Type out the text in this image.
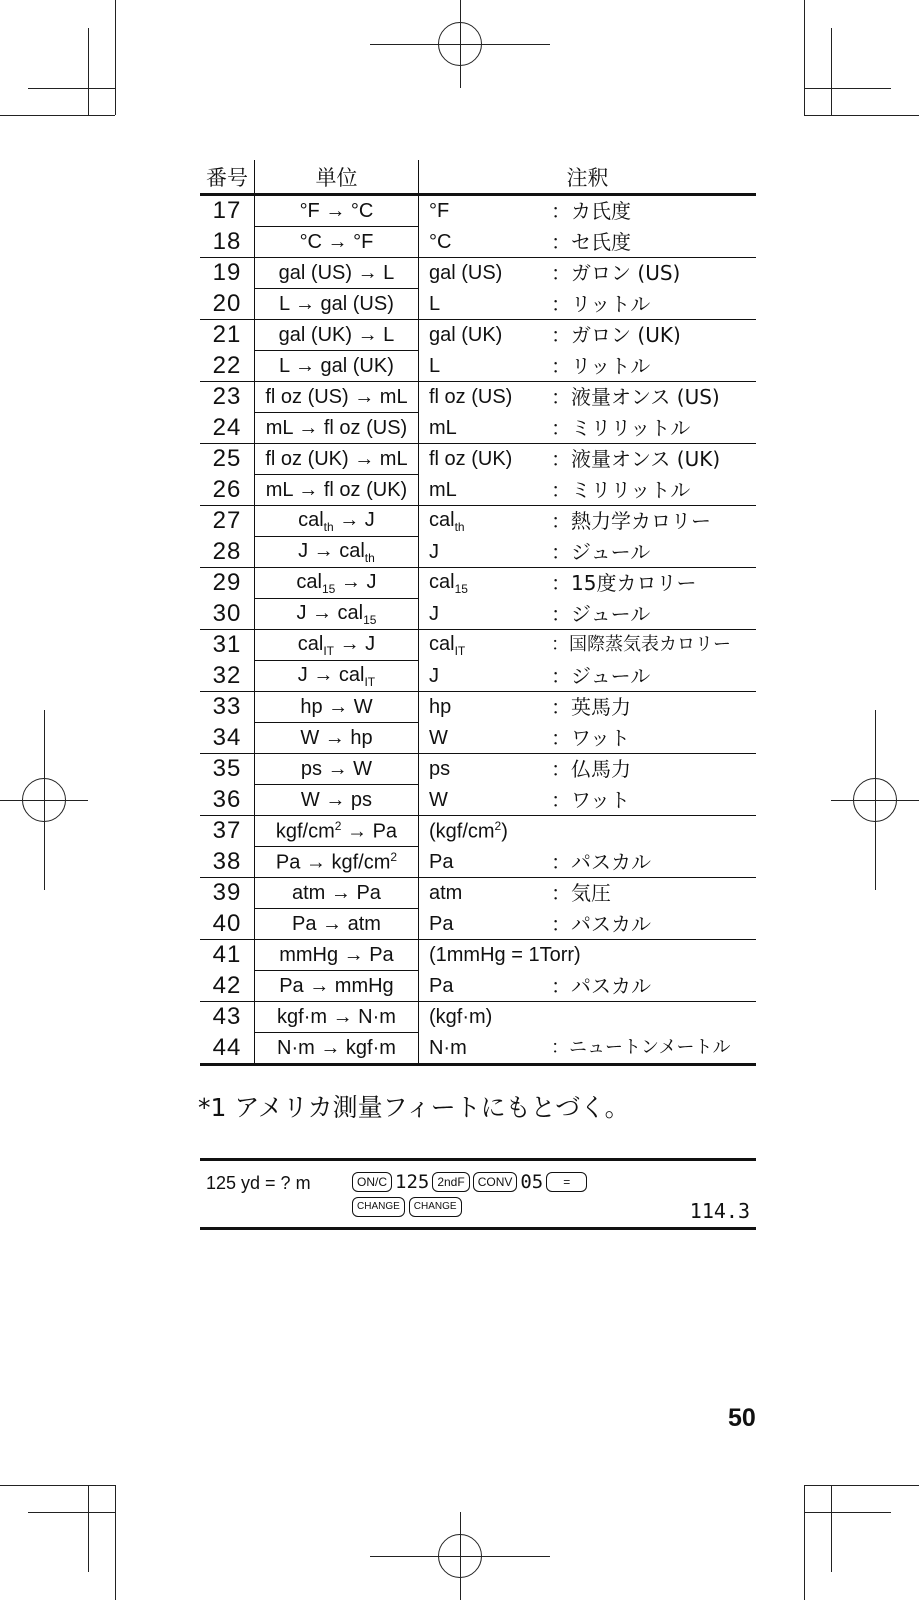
番号	単位	注釈	
17	°F → °C	°F	：カ氏度
18	°C → °F	°C	：セ氏度
19	gal (US) → L	gal (US)	：ガロン (US)
20	L → gal (US)	L	：リットル
21	gal (UK) → L	gal (UK)	：ガロン (UK)
22	L → gal (UK)	L	：リットル
23	fl oz (US) → mL	fl oz (US)	：液量オンス (US)
24	mL → fl oz (US)	mL	：ミリリットル
25	fl oz (UK) → mL	fl oz (UK)	：液量オンス (UK)
26	mL → fl oz (UK)	mL	：ミリリットル
27	cal$_{th}$ → J	cal$_{th}$	：熱力学カロリー
28	J → cal$_{th}$	J	：ジュール
29	cal$_{15}$ → J	cal$_{15}$	：15度カロリー
30	J → cal$_{15}$	J	：ジュール
31	cal$_{IT}$ → J	cal$_{IT}$	：国際蒸気表カロリー
32	J → cal$_{IT}$	J	：ジュール
33	hp → W	hp	：英馬力
34	W → hp	W	：ワット
35	ps → W	ps	：仏馬力
36	W → ps	W	：ワット
37	kgf/$cm^2 \to Pa$	$(kgf/cm^2)$	
38	Pa → kgf/$cm^2$	Pa	：パスカル
39	atm → Pa	atm	：気圧
40	Pa → atm	Pa	：パスカル
41	mmHg → Pa	(1mmHg = 1Torr)	
42	Pa → mmHg	Pa	：パスカル
43	kgf·m → N·m	(kgf·m)	
44	N·m → kgf·m	N·m	：ニュートンメートル
*1 アメリカ測量フィートにもとづく。
125 yd = ? m	ON/C 125 2ndF	CONV 05	=
CHANGE	CHANGE	114.3
50
